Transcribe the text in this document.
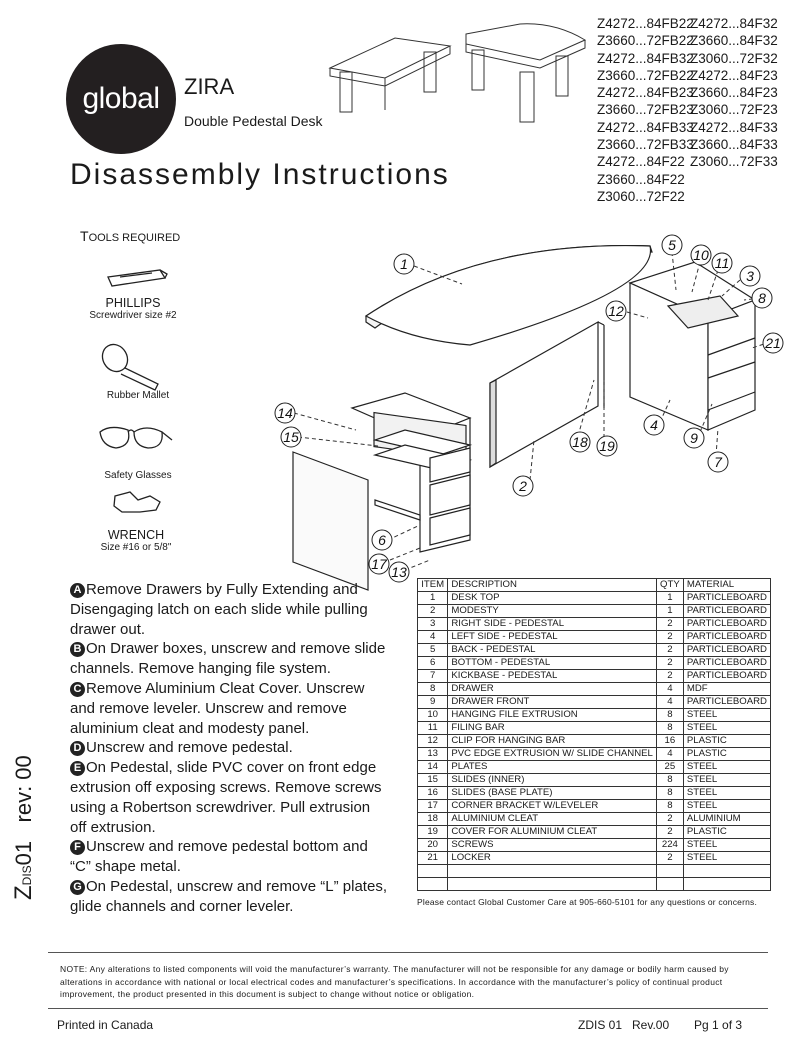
global ZIRA
Double Pedestal Desk
Disassembly Instructions
Z4272...84FB22
Z3660...72FB22
Z4272...84FB32
Z3660...72FB22
Z4272...84FB23
Z3660...72FB23
Z4272...84FB33
Z3660...72FB33
Z4272...84F22
Z3660...84F22
Z3060...72F22
Z4272...84F32
Z3660...84F32
Z3060...72F32
Z4272...84F23
Z3660...84F23
Z3060...72F23
Z4272...84F33
Z3660...84F33
Z3060...72F33
1
2
3
4
5
6
7
8
9
10 11
12
13
14
15
17
18 19
21
TOOLS REQUIRED
PHILLIPS
Screwdriver size #2
Rubber Mallet
Safety Glasses
WRENCH
Size #16 or 5/8"

A Remove Drawers by Fully Extending and Disengaging latch on each slide while pulling drawer out.

B On Drawer boxes, unscrew and remove slide channels. Remove hanging file system.

C Remove Aluminium Cleat Cover. Unscrew and remove leveler. Unscrew and remove aluminium cleat and modesty panel.

D Unscrew and remove pedestal.

E On Pedestal, slide PVC cover on front edge extrusion off exposing screws. Remove screws using a Robertson screwdriver. Pull extrusion off extrusion.

F Unscrew and remove pedestal bottom and “C” shape metal.

G On Pedestal, unscrew and remove “L” plates, glide channels and corner leveler.

ZDIS01   rev: 00
ITEM	DESCRIPTION	QTY	MATERIAL
1	DESK TOP	1	PARTICLEBOARD
2	MODESTY	1	PARTICLEBOARD
3	RIGHT SIDE - PEDESTAL	2	PARTICLEBOARD
4	LEFT SIDE - PEDESTAL	2	PARTICLEBOARD
5	BACK - PEDESTAL	2	PARTICLEBOARD
6	BOTTOM - PEDESTAL	2	PARTICLEBOARD
7	KICKBASE - PEDESTAL	2	PARTICLEBOARD
8	DRAWER	4	MDF
9	DRAWER FRONT	4	PARTICLEBOARD
10	HANGING FILE EXTRUSION	8	STEEL
11	FILING BAR	8	STEEL
12	CLIP FOR HANGING BAR	16	PLASTIC
13	PVC EDGE EXTRUSION W/ SLIDE CHANNEL	4	PLASTIC
14	PLATES	25	STEEL
15	SLIDES (INNER)	8	STEEL
16	SLIDES (BASE PLATE)	8	STEEL
17	CORNER BRACKET W/LEVELER	8	STEEL
18	ALUMINIUM CLEAT	2	ALUMINIUM
19	COVER FOR ALUMINIUM CLEAT	2	PLASTIC
20	SCREWS	224	STEEL
21	LOCKER	2	STEEL

Please contact Global Customer Care at 905-660-5101 for any questions or concerns.
NOTE: Any alterations to listed components will void the manufacturer’s warranty. The manufacturer will not be responsible for any damage or bodily harm caused by alterations in accordance with national or local electrical codes and manufacturer’s specifications. In accordance with the manufacturer’s policy of continual product improvement, the product presented in this document is subject to change without notice or obligation.
Printed in Canada	ZDIS 01 Rev.00 Pg 1 of 3
